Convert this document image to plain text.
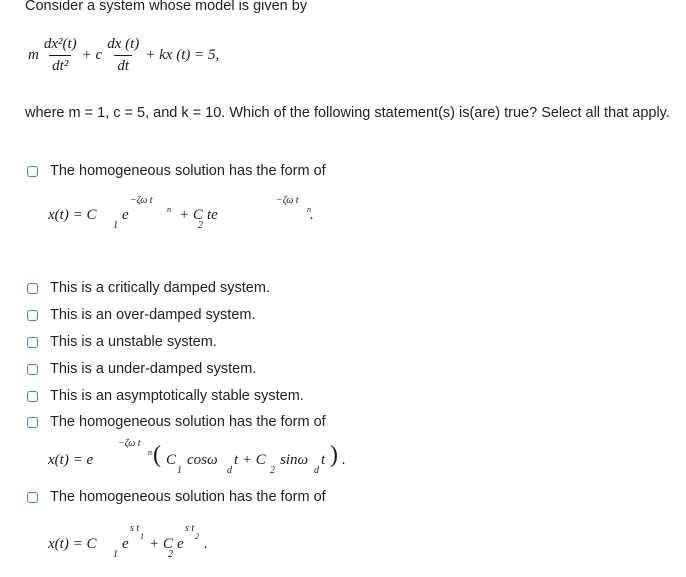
Consider a system whose model is given by
m $\frac{\text{dx²(t)}}{\text{dt²}} + c \frac{dx (t)}{dt}$ + kx (t) = 5,
where m = 1, c = 5, and k = 10. Which of the following statement(s) is(are) true? Select all that apply.
The homogeneous solution has the form of
x(t) = C
1
e
−ζω t
n + C
2
te
−ζω t
n .
This is a critically damped system.
This is an over-damped system.
This is a unstable system.
This is a under-damped system.
This is an asymptotically stable system.
The homogeneous solution has the form of
x(t) = e
−ζω t
n ( C
1
cosω
d
t + C
2
sinω
d
t ) .
The homogeneous solution has the form of
x(t) = C
1
e
s t
1 + C
2
e
s t
2 .
